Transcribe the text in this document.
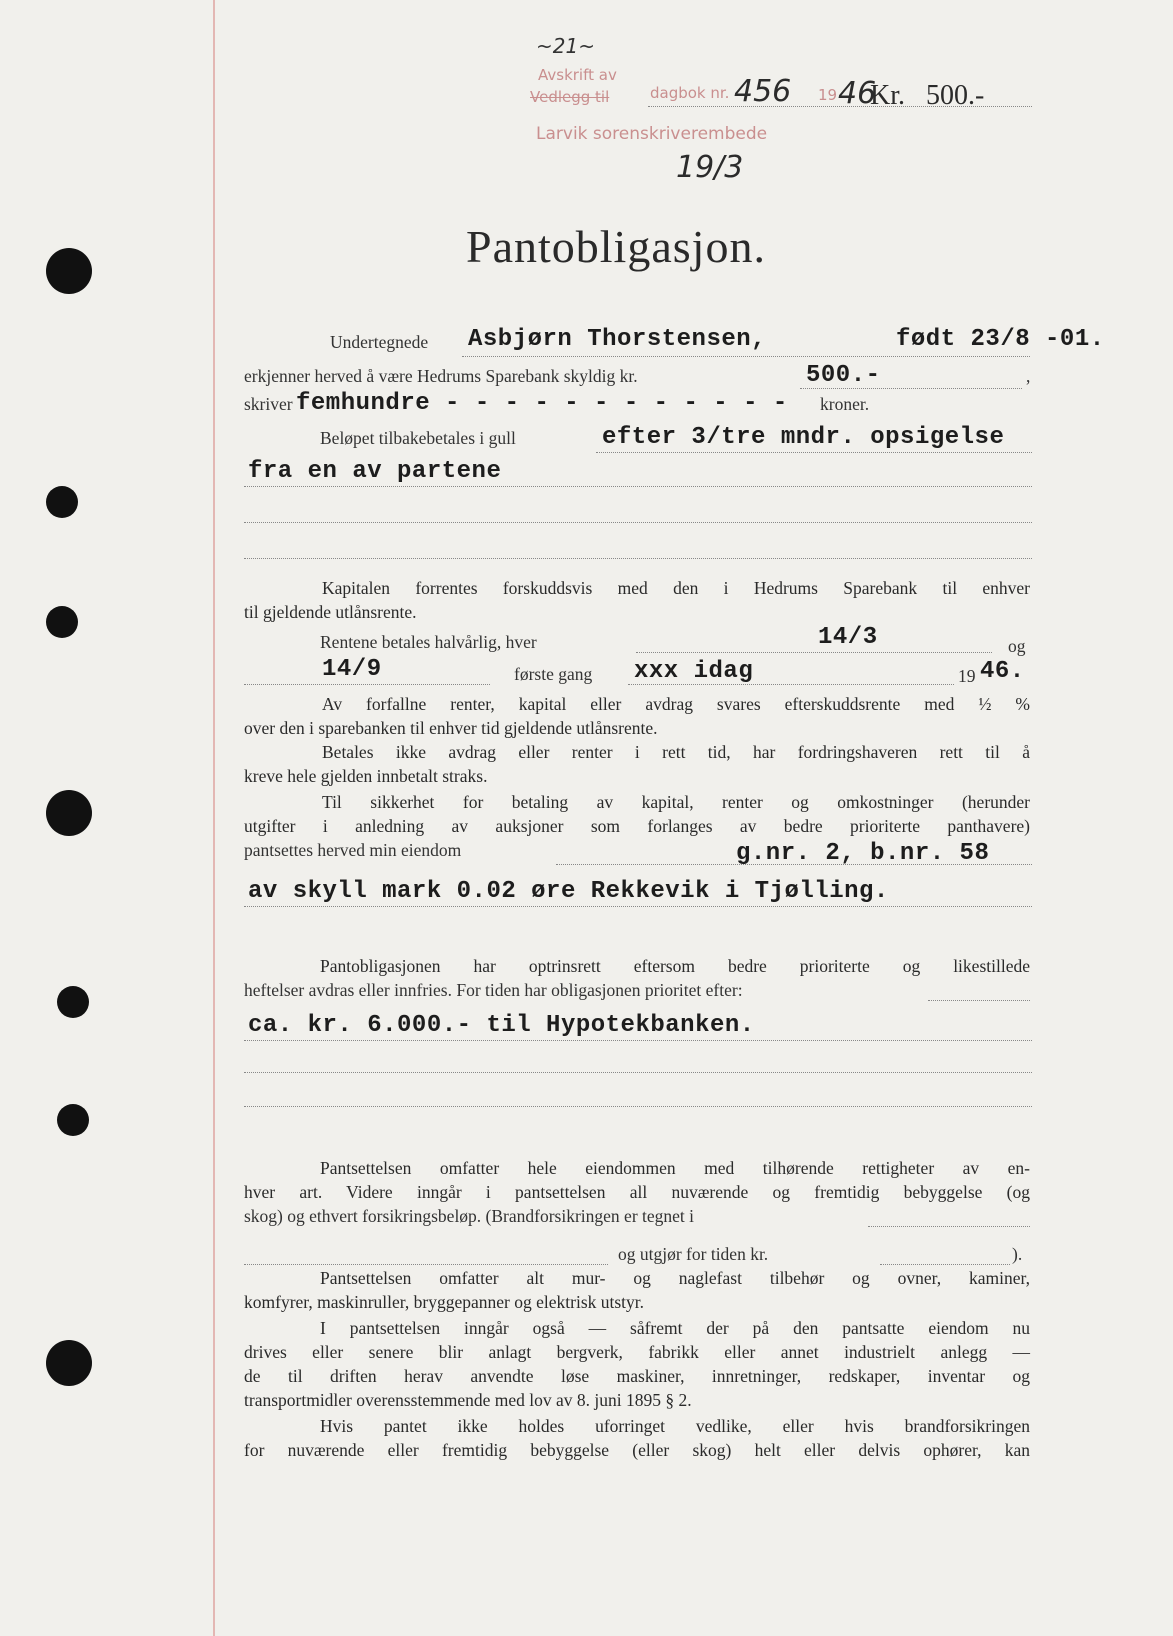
~21~
Avskrift av
Vedlegg til	dagbok nr. 456 19 46
Kr. 500.-
Larvik sorenskriverembede
19/3
Pantobligasjon.
Undertegnede Asbjørn Thorstensen,	født 23/8 -01.
erkjenner herved å være Hedrums Sparebank skyldig kr.	500.-	,
skriver femhundre - - - - - - - - - - - - kroner.
Beløpet tilbakebetales i gull	efter 3/tre mndr. opsigelse
fra en av partene
Kapitalen forrentes forskuddsvis med den i Hedrums Sparebank til enhver
til gjeldende utlånsrente.
Rentene betales halvårlig, hver	14/3	og
14/9	første gang xxx idag	19 46.
Av forfallne renter, kapital eller avdrag svares efterskuddsrente med ½ %
over den i sparebanken til enhver tid gjeldende utlånsrente.
Betales ikke avdrag eller renter i rett tid, har fordringshaveren rett til å
kreve hele gjelden innbetalt straks.
Til sikkerhet for betaling av kapital, renter og omkostninger (herunder
utgifter i anledning av auksjoner som forlanges av bedre prioriterte panthavere)
pantsettes herved min eiendom	g.nr. 2, b.nr. 58
av skyll mark 0.02 øre Rekkevik i Tjølling.
Pantobligasjonen har optrinsrett eftersom bedre prioriterte og likestillede
heftelser avdras eller innfries. For tiden har obligasjonen prioritet efter:
ca. kr. 6.000.- til Hypotekbanken.
Pantsettelsen omfatter hele eiendommen med tilhørende rettigheter av en-
hver art. Videre inngår i pantsettelsen all nuværende og fremtidig bebyggelse (og
skog) og ethvert forsikringsbeløp. (Brandforsikringen er tegnet i
og utgjør for tiden kr.	).
Pantsettelsen omfatter alt mur- og naglefast tilbehør og ovner, kaminer,
komfyrer, maskinruller, bryggepanner og elektrisk utstyr.
I pantsettelsen inngår også — såfremt der på den pantsatte eiendom nu
drives eller senere blir anlagt bergverk, fabrikk eller annet industrielt anlegg —
de til driften herav anvendte løse maskiner, innretninger, redskaper, inventar og
transportmidler overensstemmende med lov av 8. juni 1895 § 2.
Hvis pantet ikke holdes uforringet vedlike, eller hvis brandforsikringen
for nuværende eller fremtidig bebyggelse (eller skog) helt eller delvis ophører, kan
